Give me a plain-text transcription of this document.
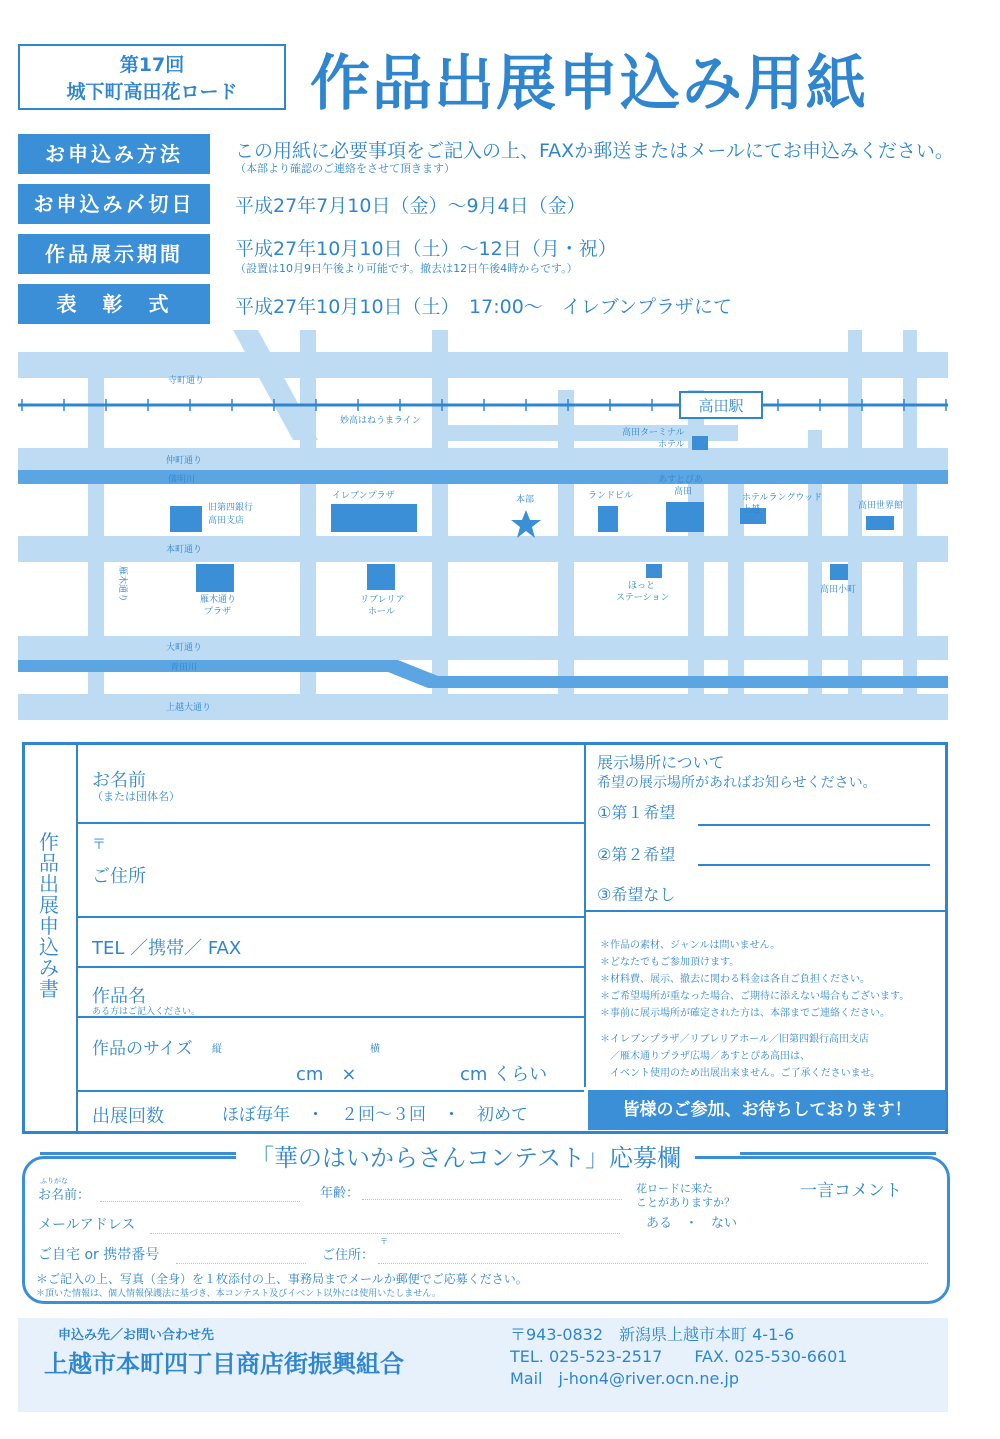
第17回
城下町高田花ロード	作品出展申込み用紙
お申込み方法	この用紙に必要事項をご記入の上、FAXか郵送またはメールにてお申込みください。
（本部より確認のご連絡をさせて頂きます）
お申込み〆切日	平成27年7月10日（金）～9月4日（金）
作品展示期間	平成27年10月10日（土）～12日（月・祝）
（設置は10月9日午後より可能です。撤去は12日午後4時からです。）
表　彰　式	平成27年10月10日（土）　17:00～　イレブンプラザにて
高田駅
寺町通り
妙高はねうまライン
仲町通り
儀明川
本町通り
大町通り
青田川
上越大通り
旧第四銀行
高田支店
イレブンプラザ	本部	ランドビル
あすとぴあ
高田
高田ターミナル
ホテル
ホテルラングウッド
上越	高田世界館
雁木通り
プラザ
リブレリア
ホール
ほっと
ステーション
高田小町
雁木通り
作品出展申込み書
お名前
（または団体名）
〒
ご住所
TEL ／携帯／ FAX
作品名
ある方はご記入ください。
作品のサイズ 縦	横
cm　×	cm くらい
出展回数	ほぼ毎年　・　２回～３回　・　初めて
展示場所について
希望の展示場所があればお知らせください。
①第１希望
②第２希望
③希望なし
＊作品の素材、ジャンルは問いません。
＊どなたでもご参加頂けます。
＊材料費、展示、撤去に関わる料金は各自ご負担ください。
＊ご希望場所が重なった場合、ご期待に添えない場合もございます。
＊事前に展示場所が確定された方は、本部までご連絡ください。
＊イレブンプラザ／リブレリアホール／旧第四銀行高田支店
　／雁木通りプラザ広場／あすとぴあ高田は、
　イベント使用のため出展出来ません。ご了承くださいませ。
皆様のご参加、お待ちしております！
「華のはいからさんコンテスト」応募欄
ふりがな
お名前：	年齢：	花ロードに来た
ことがありますか？
ある　・　ない
一言コメント
メールアドレス
ご自宅 or 携帯番号	ご住所：
〒
＊ご記入の上、写真（全身）を１枚添付の上、事務局までメールか郵便でご応募ください。
＊頂いた情報は、個人情報保護法に基づき、本コンテスト及びイベント以外には使用いたしません。
申込み先／お問い合わせ先
上越市本町四丁目商店街振興組合
〒943-0832　新潟県上越市本町 4-1-6
TEL. 025-523-2517　　FAX. 025-530-6601
Mail　j-hon4@river.ocn.ne.jp
